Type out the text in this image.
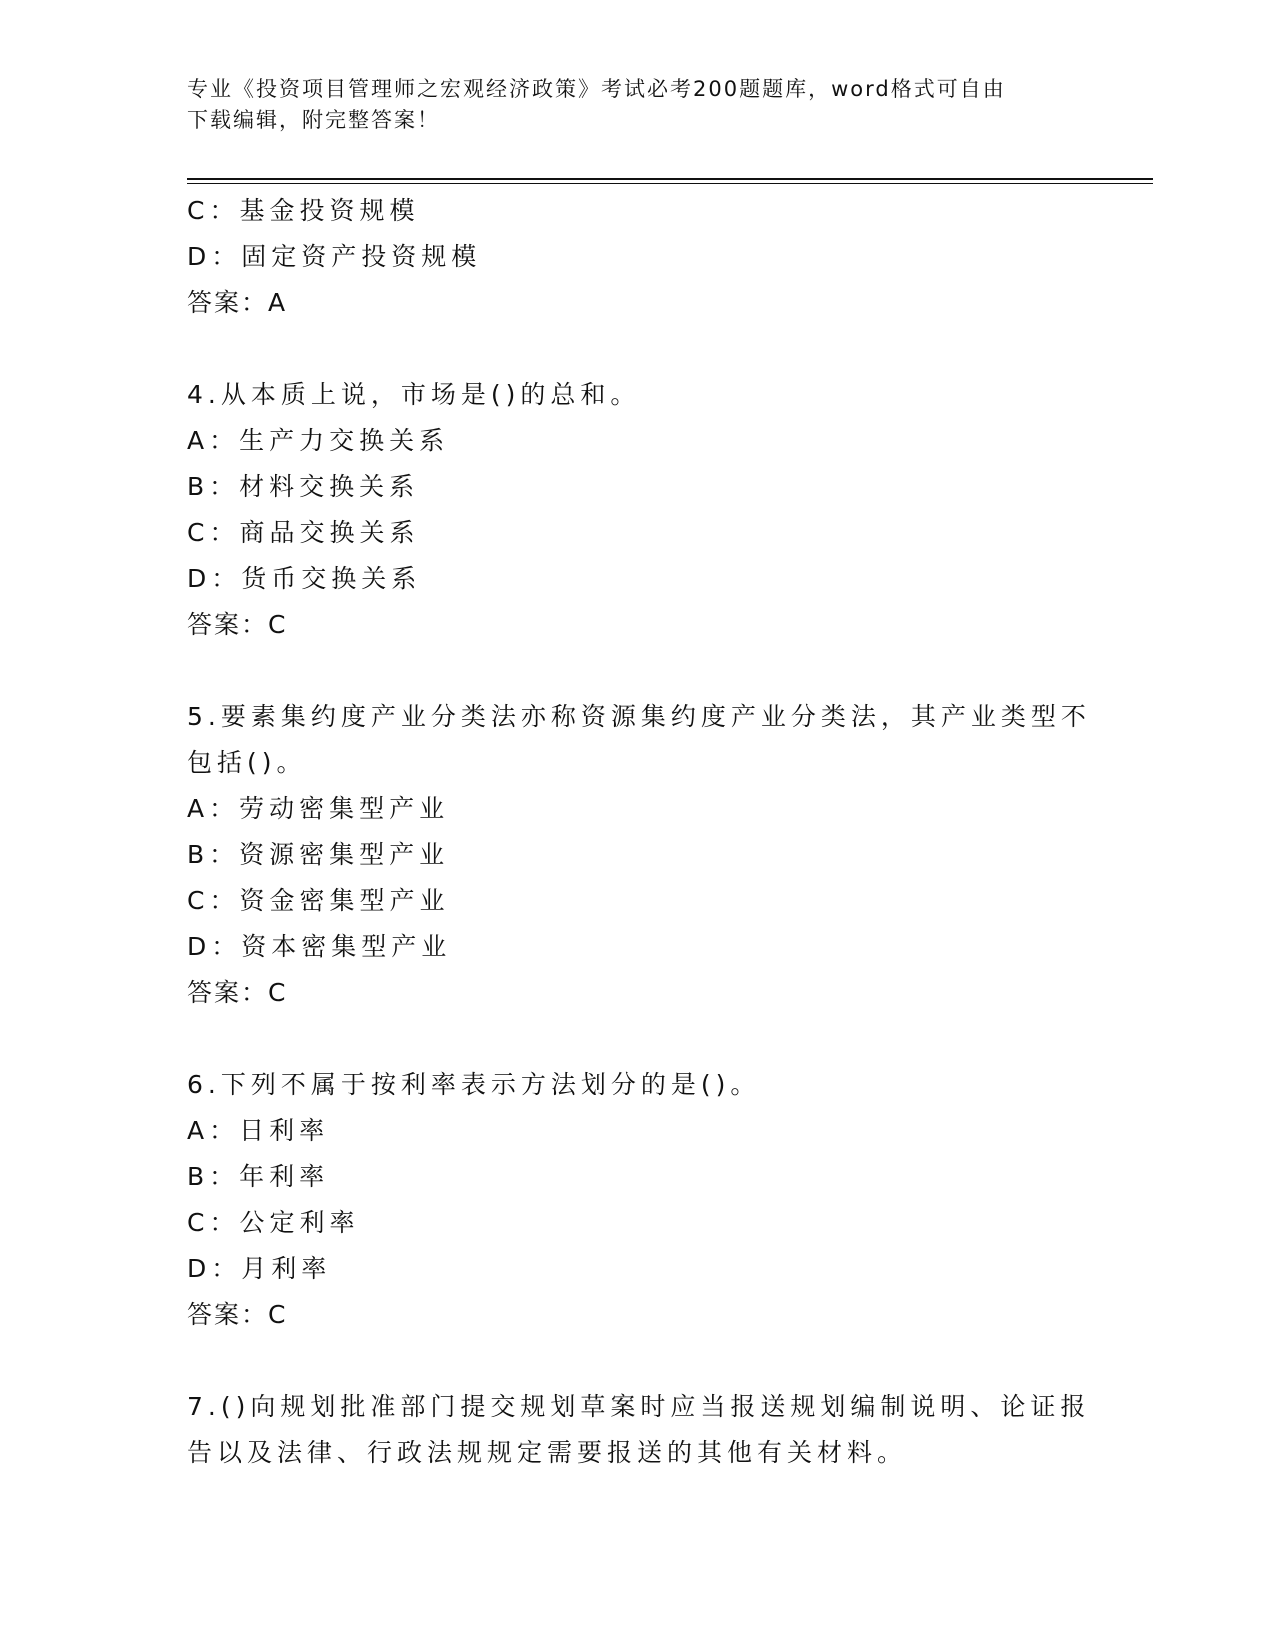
专业《投资项目管理师之宏观经济政策》考试必考200题题库，word格式可自由
下载编辑，附完整答案！
C：基金投资规模
D：固定资产投资规模
答案：A
4.从本质上说，市场是()的总和。
A：生产力交换关系
B：材料交换关系
C：商品交换关系
D：货币交换关系
答案：C
5.要素集约度产业分类法亦称资源集约度产业分类法，其产业类型不
包括()。
A：劳动密集型产业
B：资源密集型产业
C：资金密集型产业
D：资本密集型产业
答案：C
6.下列不属于按利率表示方法划分的是()。
A：日利率
B：年利率
C：公定利率
D：月利率
答案：C
7.()向规划批准部门提交规划草案时应当报送规划编制说明、论证报
告以及法律、行政法规规定需要报送的其他有关材料。
